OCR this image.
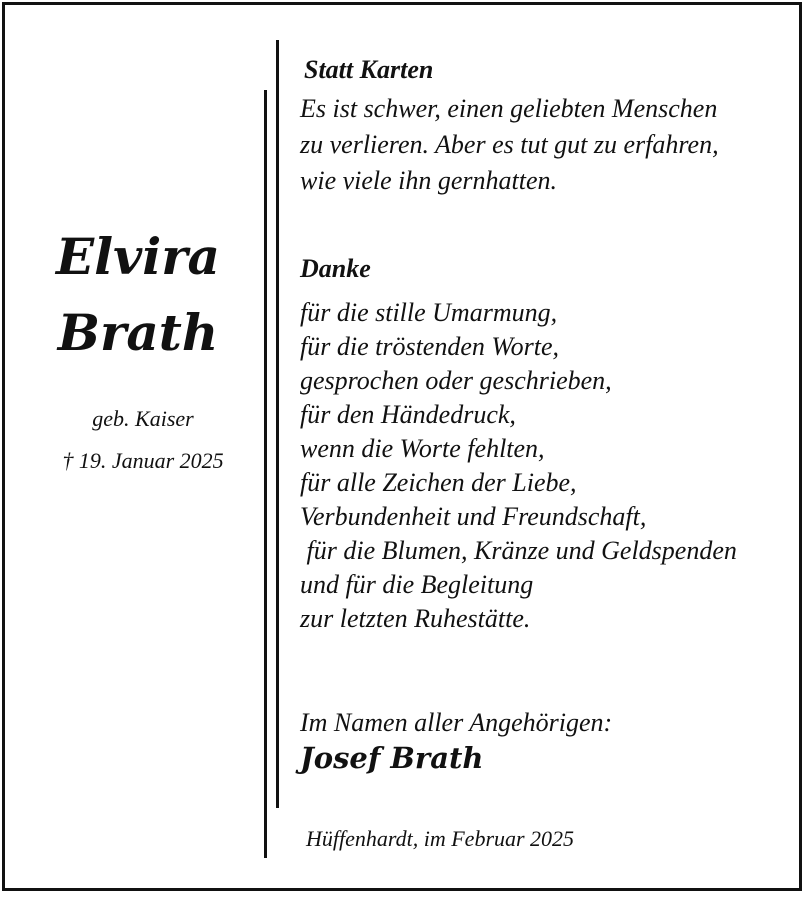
Elvira
Brath
geb. Kaiser
† 19. Januar 2025
Statt Karten
Es ist schwer, einen geliebten Menschen
zu verlieren. Aber es tut gut zu erfahren,
wie viele ihn gernhatten.
Danke
für die stille Umarmung,
für die tröstenden Worte,
gesprochen oder geschrieben,
für den Händedruck,
wenn die Worte fehlten,
für alle Zeichen der Liebe,
Verbundenheit und Freundschaft,
für die Blumen, Kränze und Geldspenden
und für die Begleitung
zur letzten Ruhestätte.
Im Namen aller Angehörigen:
Josef Brath
Hüffenhardt, im Februar 2025
